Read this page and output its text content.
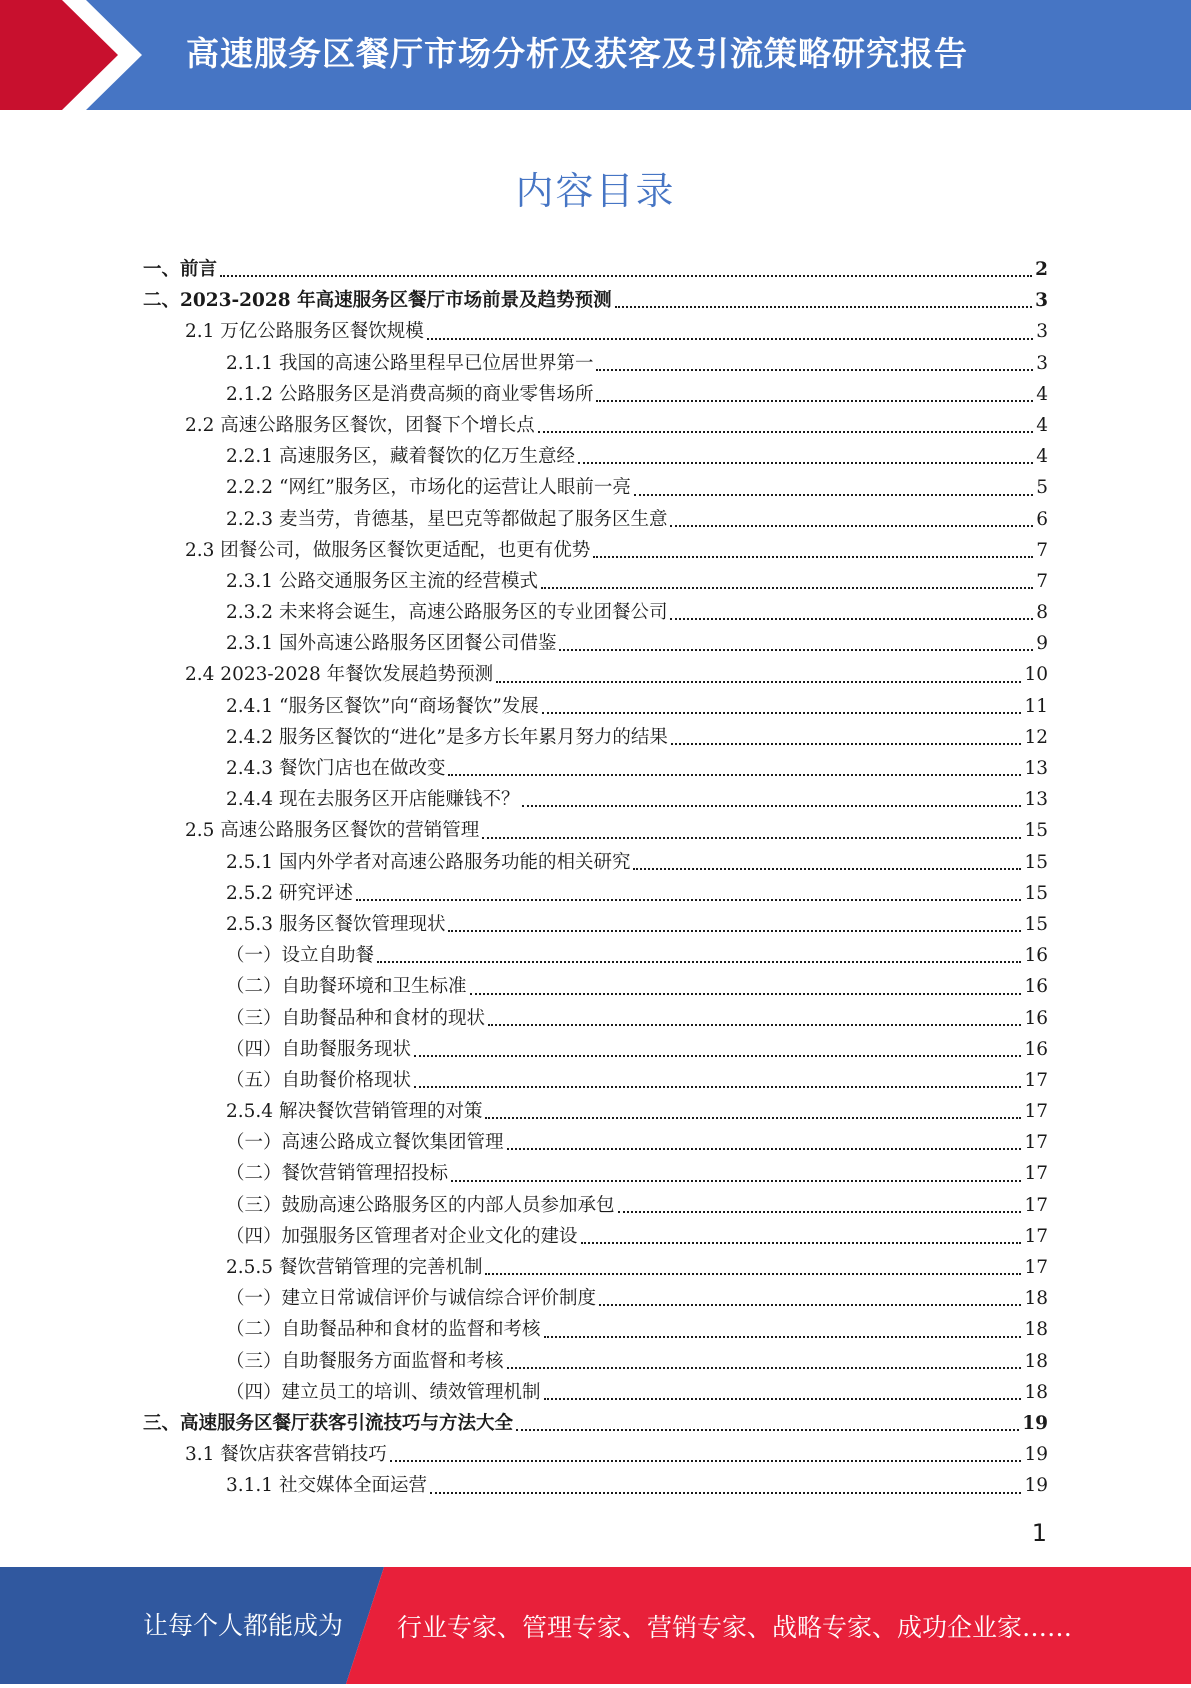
高速服务区餐厅市场分析及获客及引流策略研究报告
内容目录
一、前言	2
二、2023-2028 年高速服务区餐厅市场前景及趋势预测	3
2.1 万亿公路服务区餐饮规模	3
2.1.1 我国的高速公路里程早已位居世界第一	3
2.1.2 公路服务区是消费高频的商业零售场所	4
2.2 高速公路服务区餐饮，团餐下个增长点	4
2.2.1 高速服务区，藏着餐饮的亿万生意经	4
2.2.2 “网红”服务区，市场化的运营让人眼前一亮	5
2.2.3 麦当劳，肯德基，星巴克等都做起了服务区生意	6
2.3 团餐公司，做服务区餐饮更适配，也更有优势	7
2.3.1 公路交通服务区主流的经营模式	7
2.3.2 未来将会诞生，高速公路服务区的专业团餐公司	8
2.3.1 国外高速公路服务区团餐公司借鉴	9
2.4 2023-2028 年餐饮发展趋势预测	10
2.4.1 “服务区餐饮”向“商场餐饮”发展	11
2.4.2 服务区餐饮的“进化”是多方长年累月努力的结果	12
2.4.3 餐饮门店也在做改变	13
2.4.4 现在去服务区开店能赚钱不？	13
2.5 高速公路服务区餐饮的营销管理	15
2.5.1 国内外学者对高速公路服务功能的相关研究	15
2.5.2 研究评述	15
2.5.3 服务区餐饮管理现状	15
（一）设立自助餐	16
（二）自助餐环境和卫生标准	16
（三）自助餐品种和食材的现状	16
（四）自助餐服务现状	16
（五）自助餐价格现状	17
2.5.4 解决餐饮营销管理的对策	17
（一）高速公路成立餐饮集团管理	17
（二）餐饮营销管理招投标	17
（三）鼓励高速公路服务区的内部人员参加承包	17
（四）加强服务区管理者对企业文化的建设	17
2.5.5 餐饮营销管理的完善机制	17
（一）建立日常诚信评价与诚信综合评价制度	18
（二）自助餐品种和食材的监督和考核	18
（三）自助餐服务方面监督和考核	18
（四）建立员工的培训、绩效管理机制	18
三、高速服务区餐厅获客引流技巧与方法大全	19
3.1 餐饮店获客营销技巧	19
3.1.1 社交媒体全面运营	19
1
让每个人都能成为 行业专家、管理专家、营销专家、战略专家、成功企业家……
